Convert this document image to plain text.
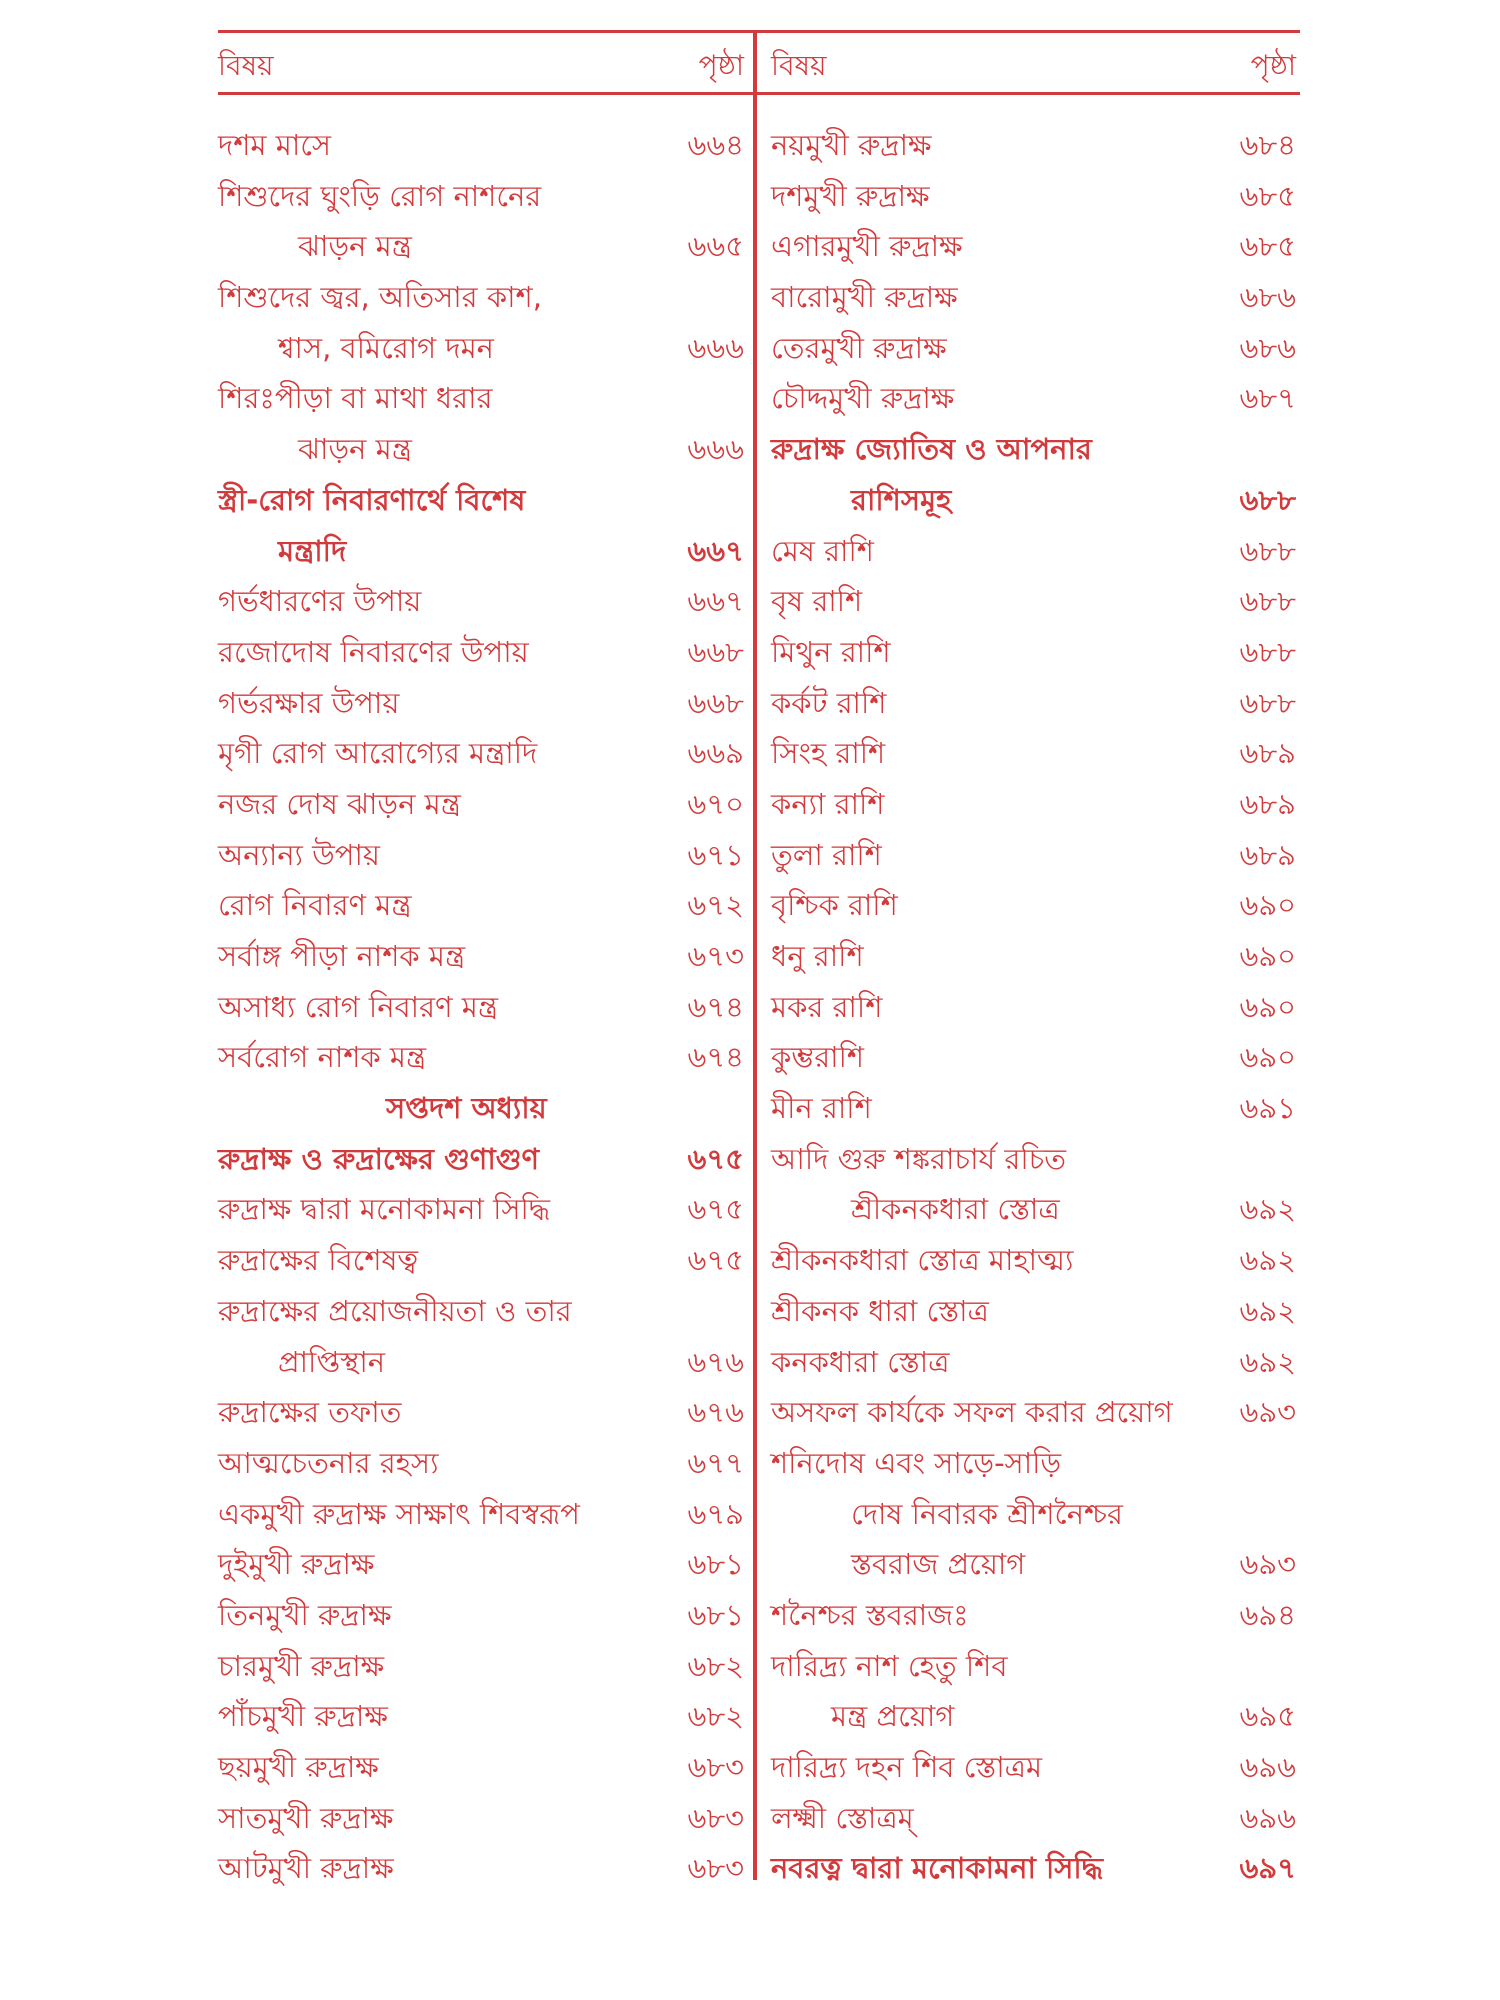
বিষয়	পৃষ্ঠা
দশম মাসে	৬৬৪
শিশুদের ঘুংড়ি রোগ নাশনের
ঝাড়ন মন্ত্র	৬৬৫
শিশুদের জ্বর, অতিসার কাশ,
শ্বাস, বমিরোগ দমন	৬৬৬
শিরঃপীড়া বা মাথা ধরার
ঝাড়ন মন্ত্র	৬৬৬
স্ত্রী-রোগ নিবারণার্থে বিশেষ
মন্ত্রাদি	৬৬৭
গর্ভধারণের উপায়	৬৬৭
রজোদোষ নিবারণের উপায়	৬৬৮
গর্ভরক্ষার উপায়	৬৬৮
মৃগী রোগ আরোগ্যের মন্ত্রাদি	৬৬৯
নজর দোষ ঝাড়ন মন্ত্র	৬৭০
অন্যান্য উপায়	৬৭১
রোগ নিবারণ মন্ত্র	৬৭২
সর্বাঙ্গ পীড়া নাশক মন্ত্র	৬৭৩
অসাধ্য রোগ নিবারণ মন্ত্র	৬৭৪
সর্বরোগ নাশক মন্ত্র	৬৭৪
সপ্তদশ অধ্যায়
রুদ্রাক্ষ ও রুদ্রাক্ষের গুণাগুণ	৬৭৫
রুদ্রাক্ষ দ্বারা মনোকামনা সিদ্ধি	৬৭৫
রুদ্রাক্ষের বিশেষত্ব	৬৭৫
রুদ্রাক্ষের প্রয়োজনীয়তা ও তার
প্রাপ্তিস্থান	৬৭৬
রুদ্রাক্ষের তফাত	৬৭৬
আত্মচেতনার রহস্য	৬৭৭
একমুখী রুদ্রাক্ষ সাক্ষাৎ শিবস্বরূপ	৬৭৯
দুইমুখী রুদ্রাক্ষ	৬৮১
তিনমুখী রুদ্রাক্ষ	৬৮১
চারমুখী রুদ্রাক্ষ	৬৮২
পাঁচমুখী রুদ্রাক্ষ	৬৮২
ছয়মুখী রুদ্রাক্ষ	৬৮৩
সাতমুখী রুদ্রাক্ষ	৬৮৩
আটমুখী রুদ্রাক্ষ	৬৮৩
বিষয়	পৃষ্ঠা
নয়মুখী রুদ্রাক্ষ	৬৮৪
দশমুখী রুদ্রাক্ষ	৬৮৫
এগারমুখী রুদ্রাক্ষ	৬৮৫
বারোমুখী রুদ্রাক্ষ	৬৮৬
তেরমুখী রুদ্রাক্ষ	৬৮৬
চৌদ্দমুখী রুদ্রাক্ষ	৬৮৭
রুদ্রাক্ষ জ্যোতিষ ও আপনার
রাশিসমূহ	৬৮৮
মেষ রাশি	৬৮৮
বৃষ রাশি	৬৮৮
মিথুন রাশি	৬৮৮
কর্কট রাশি	৬৮৮
সিংহ রাশি	৬৮৯
কন্যা রাশি	৬৮৯
তুলা রাশি	৬৮৯
বৃশ্চিক রাশি	৬৯০
ধনু রাশি	৬৯০
মকর রাশি	৬৯০
কুম্ভরাশি	৬৯০
মীন রাশি	৬৯১
আদি গুরু শঙ্করাচার্য রচিত
শ্রীকনকধারা স্তোত্র	৬৯২
শ্রীকনকধারা স্তোত্র মাহাত্ম্য	৬৯২
শ্রীকনক ধারা স্তোত্র	৬৯২
কনকধারা স্তোত্র	৬৯২
অসফল কার্যকে সফল করার প্রয়োগ ৬৯৩
শনিদোষ এবং সাড়ে-সাড়ি
দোষ নিবারক শ্রীশনৈশ্চর
স্তবরাজ প্রয়োগ	৬৯৩
শনৈশ্চর স্তবরাজঃ	৬৯৪
দারিদ্র্য নাশ হেতু শিব
মন্ত্র প্রয়োগ	৬৯৫
দারিদ্র্য দহন শিব স্তোত্রম	৬৯৬
লক্ষ্মী স্তোত্রম্	৬৯৬
নবরত্ন দ্বারা মনোকামনা সিদ্ধি	৬৯৭
